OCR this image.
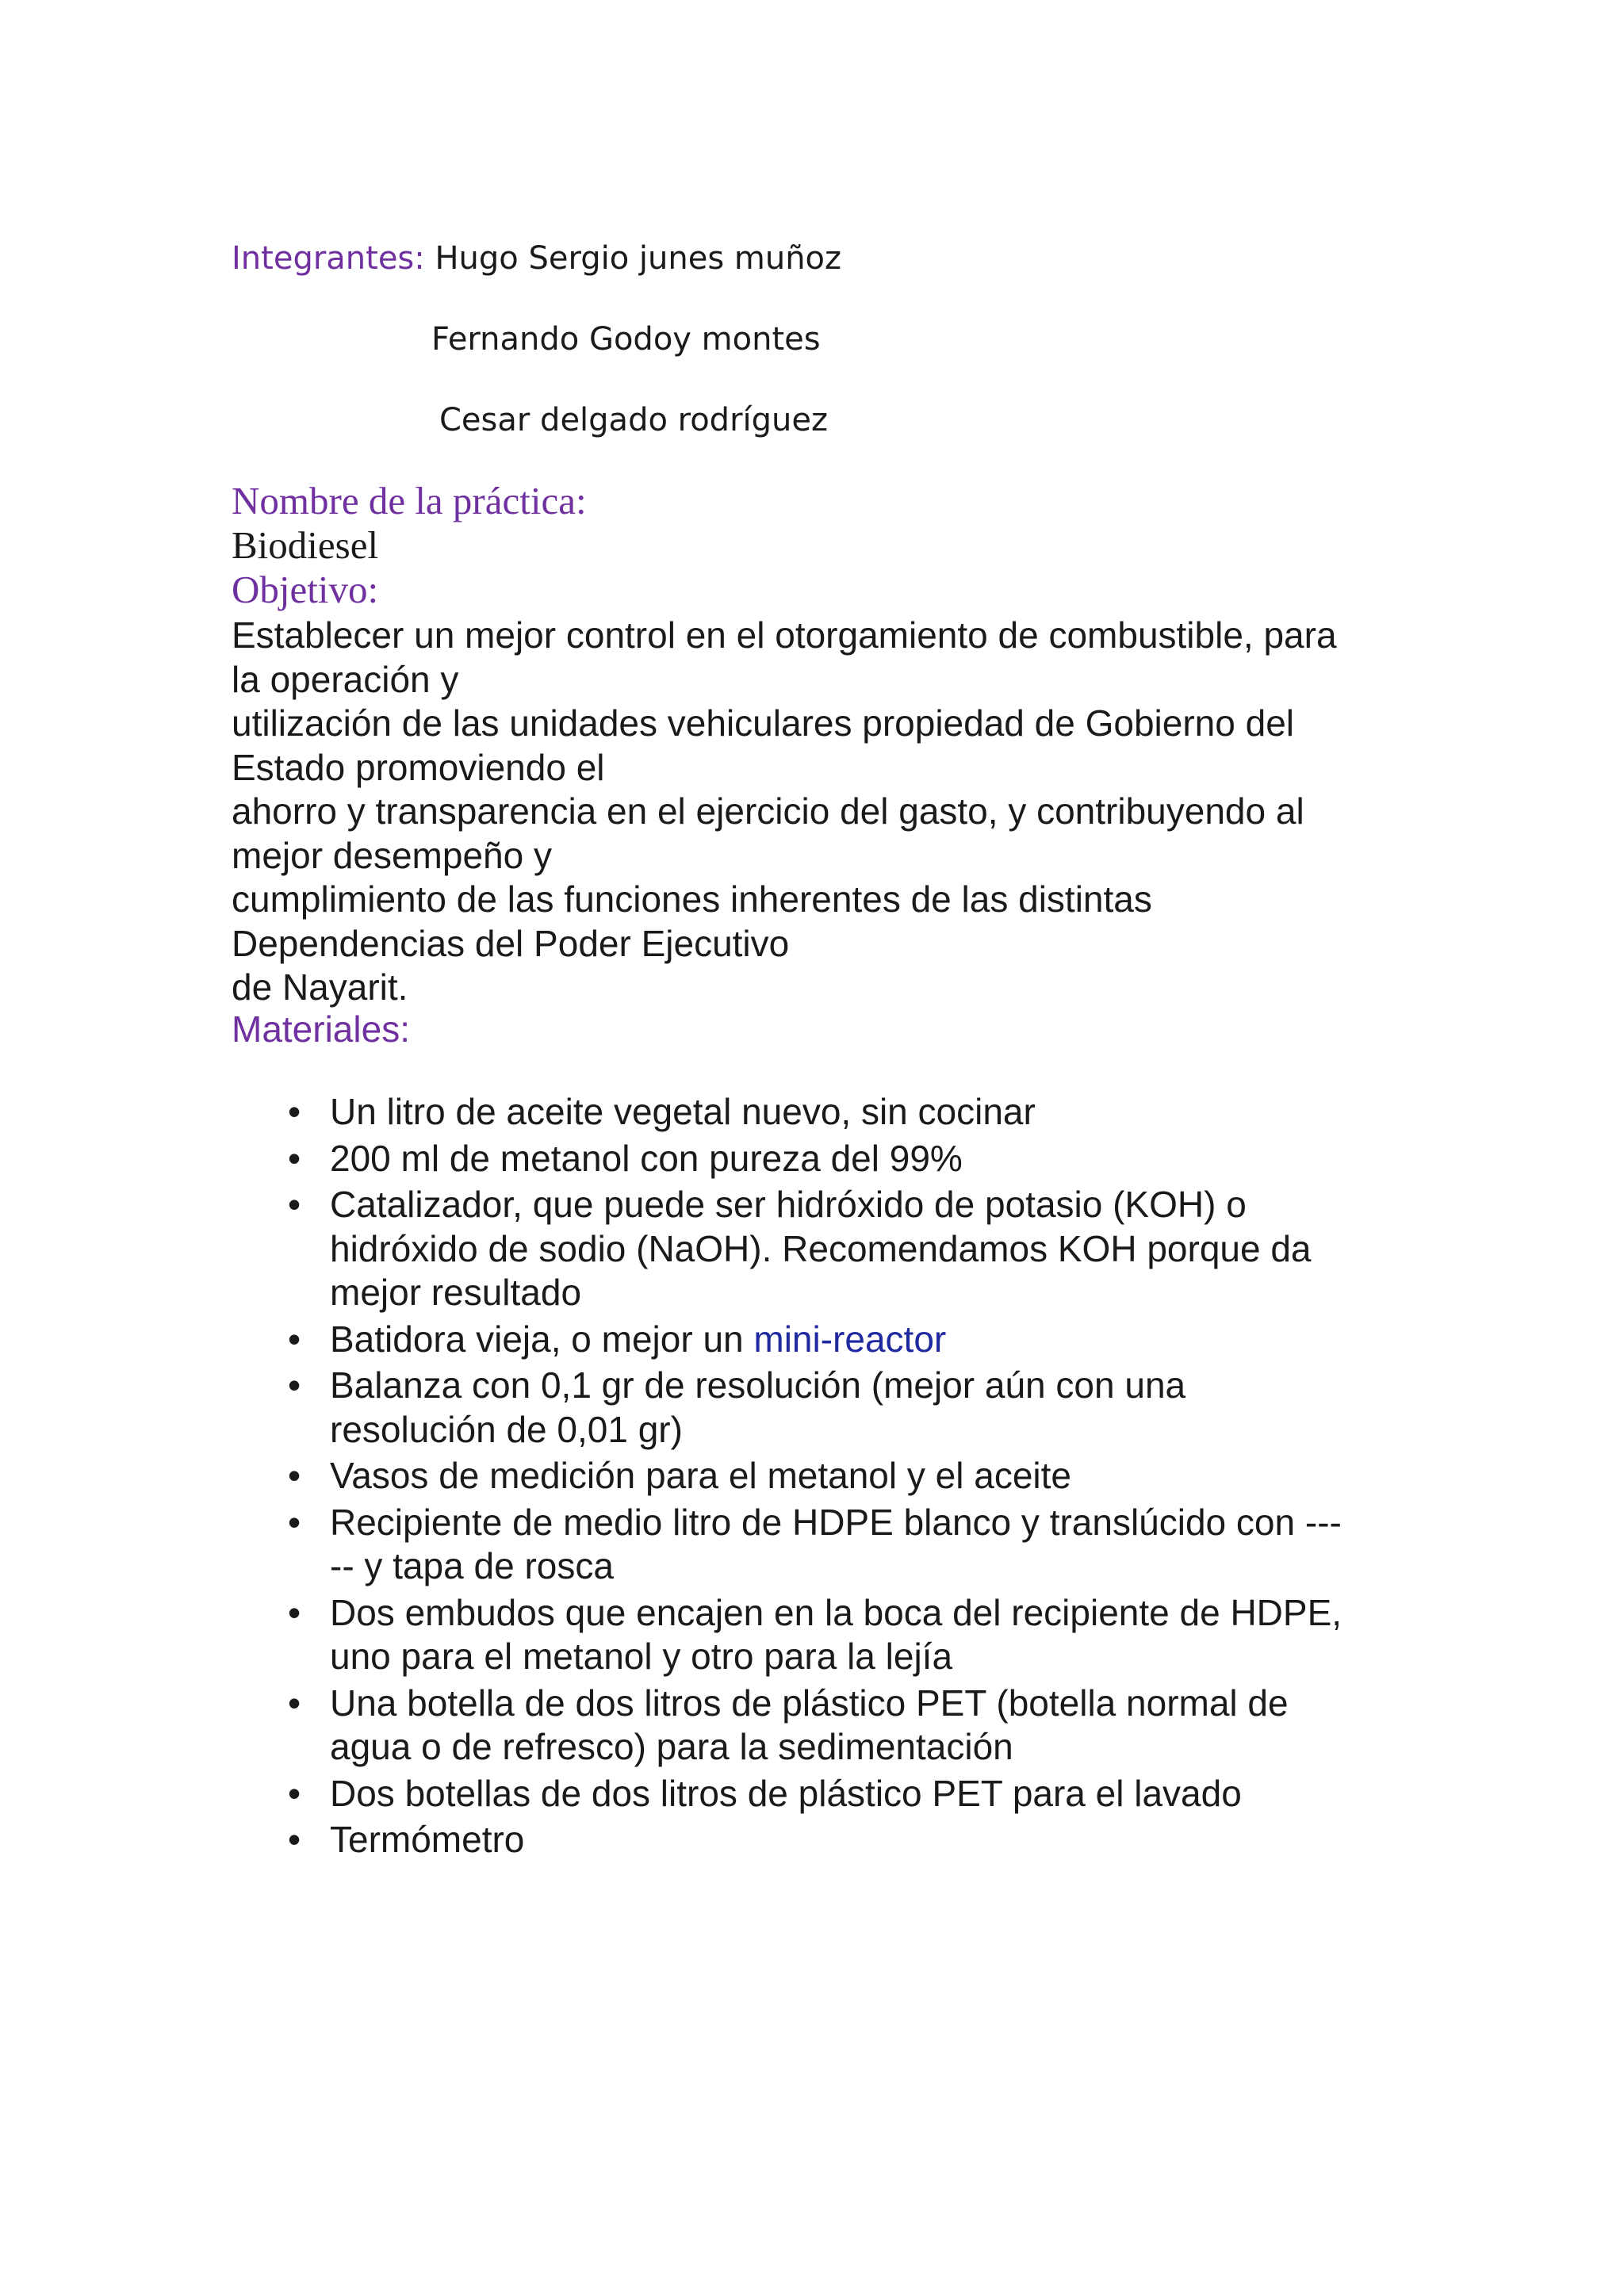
Integrantes: Hugo Sergio junes muñoz
Fernando Godoy montes
Cesar delgado rodríguez
Nombre de la práctica:
Biodiesel
Objetivo:
Establecer un mejor control en el otorgamiento de combustible, para
la operación y
utilización de las unidades vehiculares propiedad de Gobierno del
Estado promoviendo el
ahorro y transparencia en el ejercicio del gasto, y contribuyendo al
mejor desempeño y
cumplimiento de las funciones inherentes de las distintas
Dependencias del Poder Ejecutivo
de Nayarit.
Materiales:
• Un litro de aceite vegetal nuevo, sin cocinar
• 200 ml de metanol con pureza del 99%
• Catalizador, que puede ser hidróxido de potasio (KOH) o
hidróxido de sodio (NaOH). Recomendamos KOH porque da
mejor resultado
• Batidora vieja, o mejor un mini-reactor
• Balanza con 0,1 gr de resolución (mejor aún con una
resolución de 0,01 gr)
• Vasos de medición para el metanol y el aceite
• Recipiente de medio litro de HDPE blanco y translúcido con ---
-- y tapa de rosca
• Dos embudos que encajen en la boca del recipiente de HDPE,
uno para el metanol y otro para la lejía
• Una botella de dos litros de plástico PET (botella normal de
agua o de refresco) para la sedimentación
• Dos botellas de dos litros de plástico PET para el lavado
• Termómetro
